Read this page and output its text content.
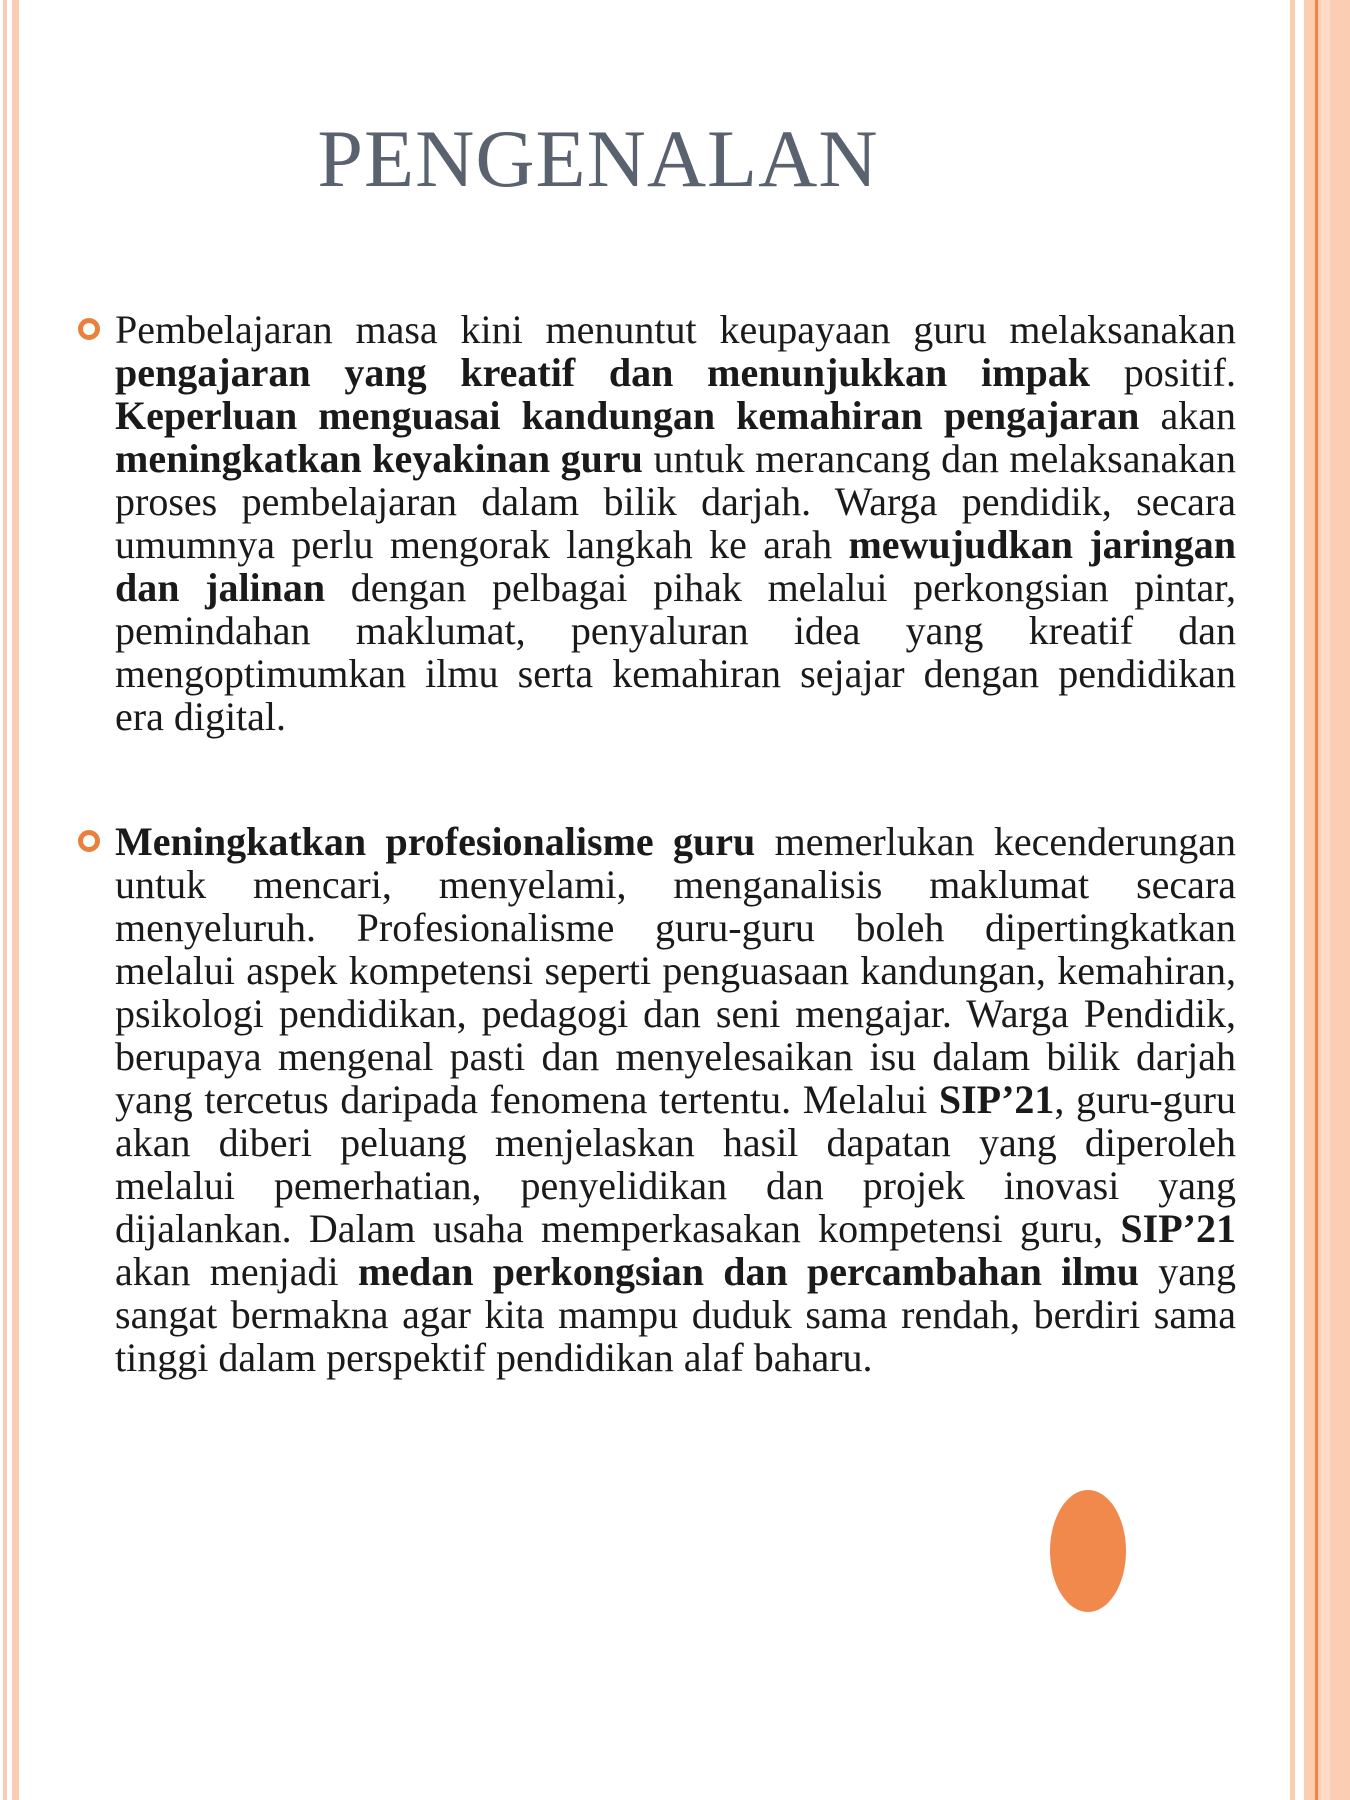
PENGENALAN
Pembelajaran masa kini menuntut keupayaan guru melaksanakan pengajaran yang kreatif dan menunjukkan impak positif. Keperluan menguasai kandungan kemahiran pengajaran akan meningkatkan keyakinan guru untuk merancang dan melaksanakan proses pembelajaran dalam bilik darjah. Warga pendidik, secara umumnya perlu mengorak langkah ke arah mewujudkan jaringan dan jalinan dengan pelbagai pihak melalui perkongsian pintar, pemindahan maklumat, penyaluran idea yang kreatif dan mengoptimumkan ilmu serta kemahiran sejajar dengan pendidikan era digital.
Meningkatkan profesionalisme guru memerlukan kecenderungan untuk mencari, menyelami, menganalisis maklumat secara menyeluruh. Profesionalisme guru-guru boleh dipertingkatkan melalui aspek kompetensi seperti penguasaan kandungan, kemahiran, psikologi pendidikan, pedagogi dan seni mengajar. Warga Pendidik, berupaya mengenal pasti dan menyelesaikan isu dalam bilik darjah yang tercetus daripada fenomena tertentu. Melalui SIP’21, guru-guru akan diberi peluang menjelaskan hasil dapatan yang diperoleh melalui pemerhatian, penyelidikan dan projek inovasi yang dijalankan. Dalam usaha memperkasakan kompetensi guru, SIP’21 akan menjadi medan perkongsian dan percambahan ilmu yang sangat bermakna agar kita mampu duduk sama rendah, berdiri sama tinggi dalam perspektif pendidikan alaf baharu.
